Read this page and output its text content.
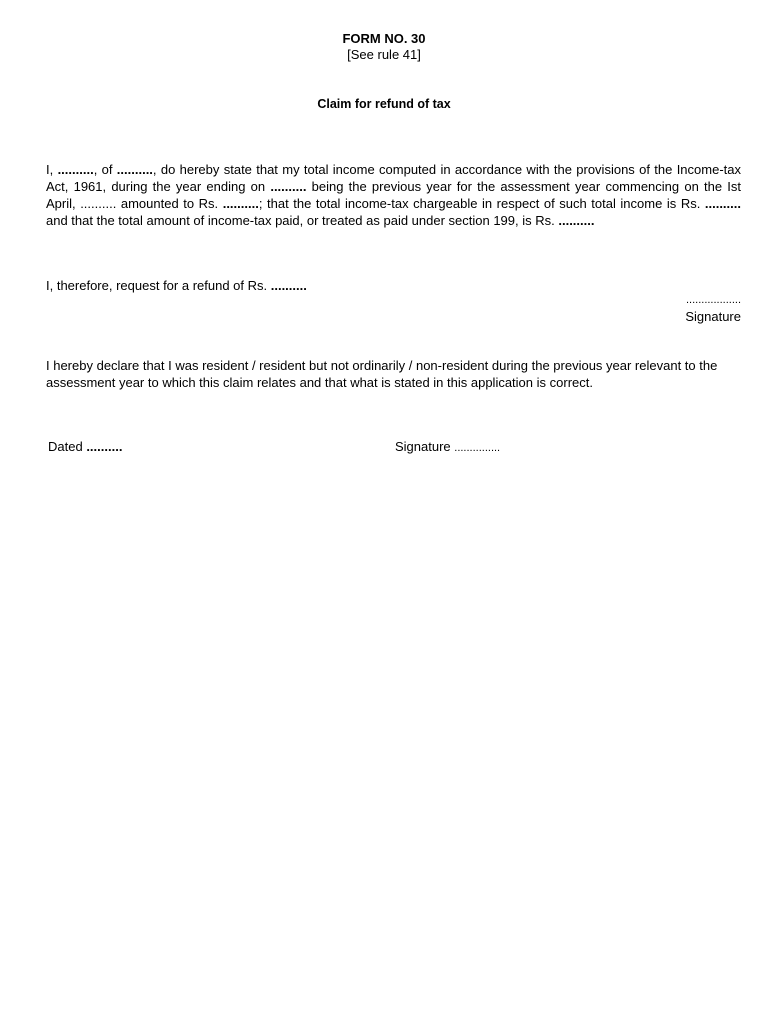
FORM NO. 30
[See rule 41]
Claim for refund of tax
I, .........., of .........., do hereby state that my total income computed in accordance with the provisions of the Income-tax Act, 1961, during the year ending on .......... being the previous year for the assessment year commencing on the Ist April, .......... amounted to Rs. ..........; that the total income-tax chargeable in respect of such total income is Rs. .......... and that the total amount of income-tax paid, or treated as paid under section 199, is Rs. ..........
I, therefore, request for a refund of Rs. ..........
..................
Signature
I hereby declare that I was resident / resident but not ordinarily / non-resident during the previous year relevant to the assessment year to which this claim relates and that what is stated in this application is correct.
Dated ..........	Signature ...............
